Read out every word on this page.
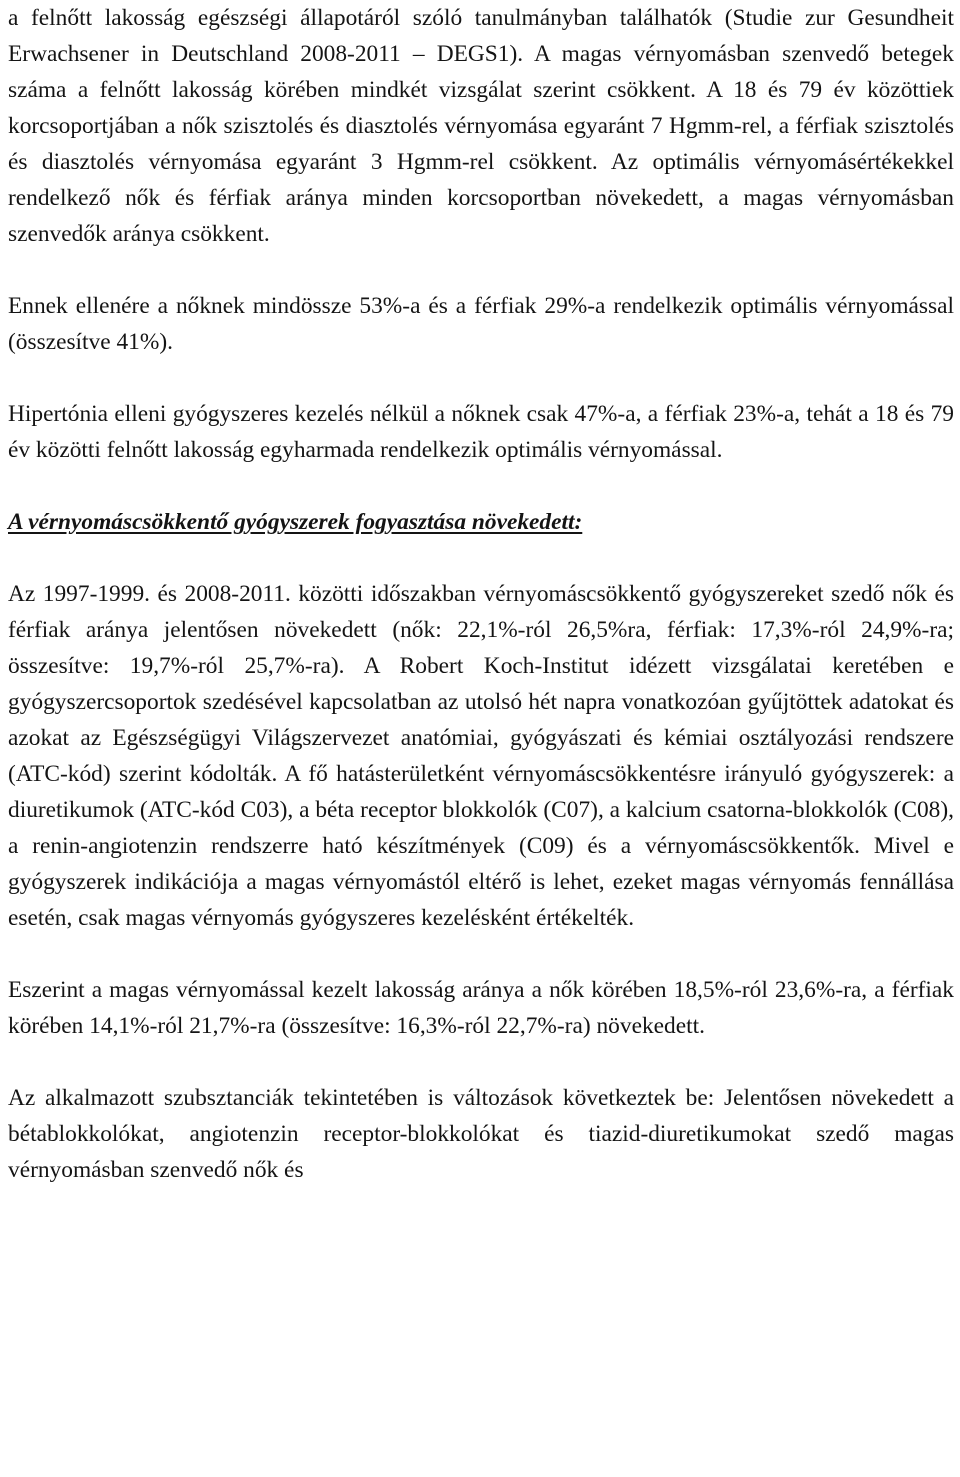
a felnőtt lakosság egészségi állapotáról szóló tanulmányban találhatók (Studie zur Gesundheit Erwachsener in Deutschland 2008-2011 – DEGS1). A magas vérnyomásban szenvedő betegek száma a felnőtt lakosság körében mindkét vizsgálat szerint csökkent. A 18 és 79 év közöttiek korcsoportjában a nők szisztolés és diasztolés vérnyomása egyaránt 7 Hgmm-rel, a férfiak szisztolés és diasztolés vérnyomása egyaránt 3 Hgmm-rel csökkent. Az optimális vérnyomásértékekkel rendelkező nők és férfiak aránya minden korcsoportban növekedett, a magas vérnyomásban szenvedők aránya csökkent.

Ennek ellenére a nőknek mindössze 53%-a és a férfiak 29%-a rendelkezik optimális vérnyomással (összesítve 41%).

Hipertónia elleni gyógyszeres kezelés nélkül a nőknek csak 47%-a, a férfiak 23%-a, tehát a 18 és 79 év közötti felnőtt lakosság egyharmada rendelkezik optimális vérnyomással.

A vérnyomáscsökkentő gyógyszerek fogyasztása növekedett:

Az 1997-1999. és 2008-2011. közötti időszakban vérnyomáscsökkentő gyógyszereket szedő nők és férfiak aránya jelentősen növekedett (nők: 22,1%-ról 26,5%ra, férfiak: 17,3%-ról 24,9%-ra; összesítve: 19,7%-ról 25,7%-ra). A Robert Koch-Institut idézett vizsgálatai keretében e gyógyszercsoportok szedésével kapcsolatban az utolsó hét napra vonatkozóan gyűjtöttek adatokat és azokat az Egészségügyi Világszervezet anatómiai, gyógyászati és kémiai osztályozási rendszere (ATC-kód) szerint kódolták. A fő hatásterületként vérnyomáscsökkentésre irányuló gyógyszerek: a diuretikumok (ATC-kód C03), a béta receptor blokkolók (C07), a kalcium csatorna-blokkolók (C08), a renin-angiotenzin rendszerre ható készítmények (C09) és a vérnyomáscsökkentők. Mivel e gyógyszerek indikációja a magas vérnyomástól eltérő is lehet, ezeket magas vérnyomás fennállása esetén, csak magas vérnyomás gyógyszeres kezelésként értékelték.

Eszerint a magas vérnyomással kezelt lakosság aránya a nők körében 18,5%-ról 23,6%-ra, a férfiak körében 14,1%-ról 21,7%-ra (összesítve: 16,3%-ról 22,7%-ra) növekedett.

Az alkalmazott szubsztanciák tekintetében is változások következtek be: Jelentősen növekedett a bétablokkolókat, angiotenzin receptor-blokkolókat és tiazid-diuretikumokat szedő magas vérnyomásban szenvedő nők és
